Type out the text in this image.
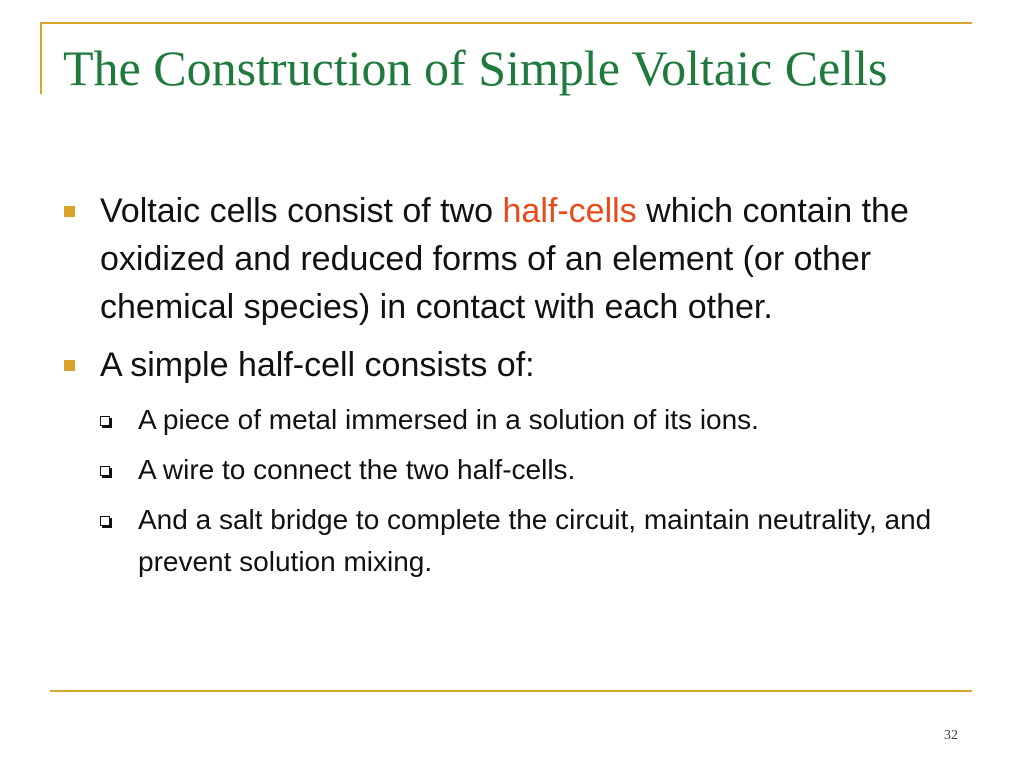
The Construction of Simple Voltaic Cells
Voltaic cells consist of two half-cells which contain the oxidized and reduced forms of an element (or other chemical species) in contact with each other.
A simple half-cell consists of:
A piece of metal immersed in a solution of its ions.
A wire to connect the two half-cells.
And a salt bridge to complete the circuit, maintain neutrality, and prevent solution mixing.
32
